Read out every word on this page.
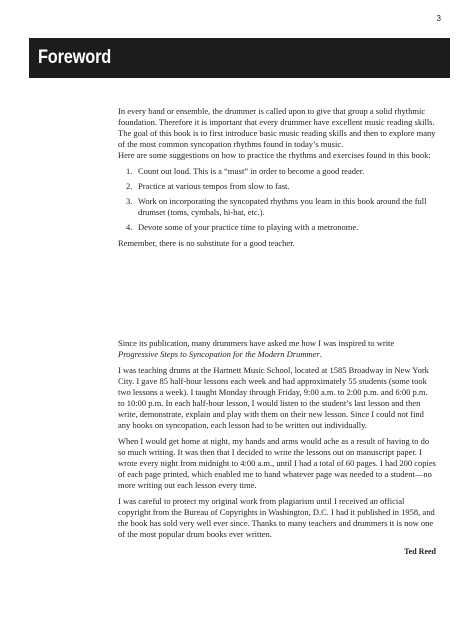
3
Foreword

In every band or ensemble, the drummer is called upon to give that group a solid rhythmic foundation. Therefore it is important that every drummer have excellent music reading skills. The goal of this book is to first introduce basic music reading skills and then to explore many of the most common syncopation rhythms found in today’s music.

Here are some suggestions on how to practice the rhythms and exercises found in this book:

1. Count out loud. This is a “must” in order to become a good reader.
2. Practice at various tempos from slow to fast.
3. Work on incorporating the syncopated rhythms you learn in this book around the full drumset (toms, cymbals, hi-hat, etc.).
4. Devote some of your practice time to playing with a metronome.

Remember, there is no substitute for a good teacher.

Since its publication, many drummers have asked me how I was inspired to write Progressive Steps to Syncopation for the Modern Drummer.

I was teaching drums at the Hartnett Music School, located at 1585 Broadway in New York City. I gave 85 half-hour lessons each week and had approximately 55 students (some took two lessons a week). I taught Monday through Friday, 9:00 a.m. to 2:00 p.m. and 6:00 p.m. to 10:00 p.m. In each half-hour lesson, I would listen to the student’s last lesson and then write, demonstrate, explain and play with them on their new lesson. Since I could not find any books on syncopation, each lesson had to be written out individually.

When I would get home at night, my hands and arms would ache as a result of having to do so much writing. It was then that I decided to write the lessons out on manuscript paper. I wrote every night from midnight to 4:00 a.m., until I had a total of 60 pages. I had 200 copies of each page printed, which enabled me to hand whatever page was needed to a student—no more writing out each lesson every time.

I was careful to protect my original work from plagiarism until I received an official copyright from the Bureau of Copyrights in Washington, D.C. I had it published in 1958, and the book has sold very well ever since. Thanks to many teachers and drummers it is now one of the most popular drum books ever written.

Ted Reed
